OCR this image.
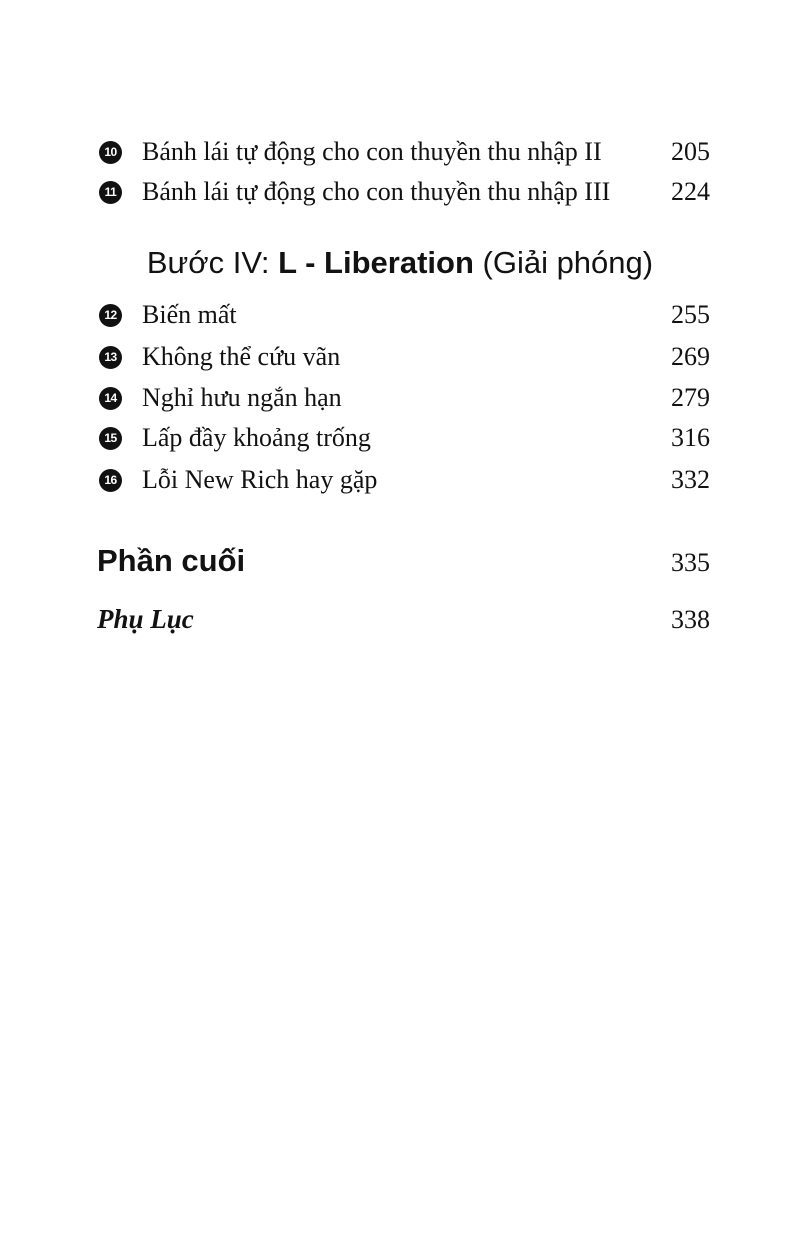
10 Bánh lái tự động cho con thuyền thu nhập II	205
11 Bánh lái tự động cho con thuyền thu nhập III 224
Bước IV: L - Liberation (Giải phóng)
12 Biến mất	255
13 Không thể cứu vãn	269
14 Nghỉ hưu ngắn hạn	279
15 Lấp đầy khoảng trống	316
16 Lỗi New Rich hay gặp	332
Phần cuối	335
Phụ Lục	338
